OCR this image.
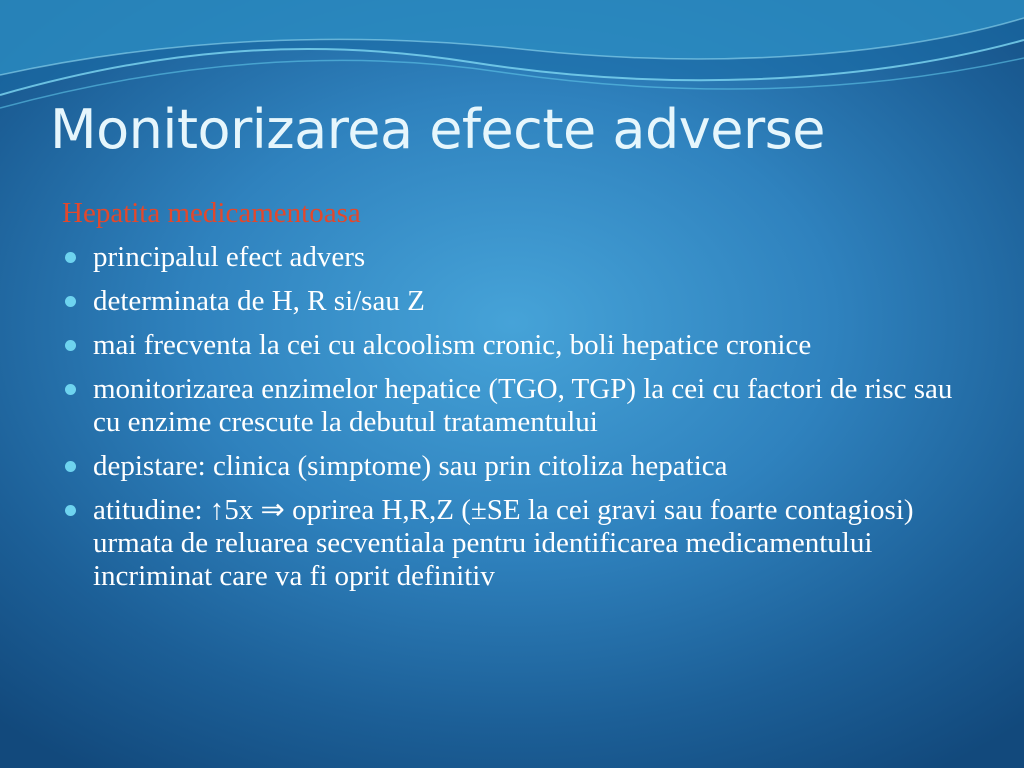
Monitorizarea efecte adverse
Hepatita medicamentoasa
principalul efect advers
determinata de H, R si/sau Z
mai frecventa la cei cu alcoolism cronic, boli hepatice cronice
monitorizarea enzimelor hepatice (TGO, TGP) la cei cu factori de risc sau cu enzime crescute la debutul tratamentului
depistare: clinica (simptome) sau prin citoliza hepatica
atitudine: ↑5x ⇒ oprirea H,R,Z (±SE la cei gravi sau foarte contagiosi) urmata de reluarea secventiala pentru identificarea medicamentului incriminat care va fi oprit definitiv
